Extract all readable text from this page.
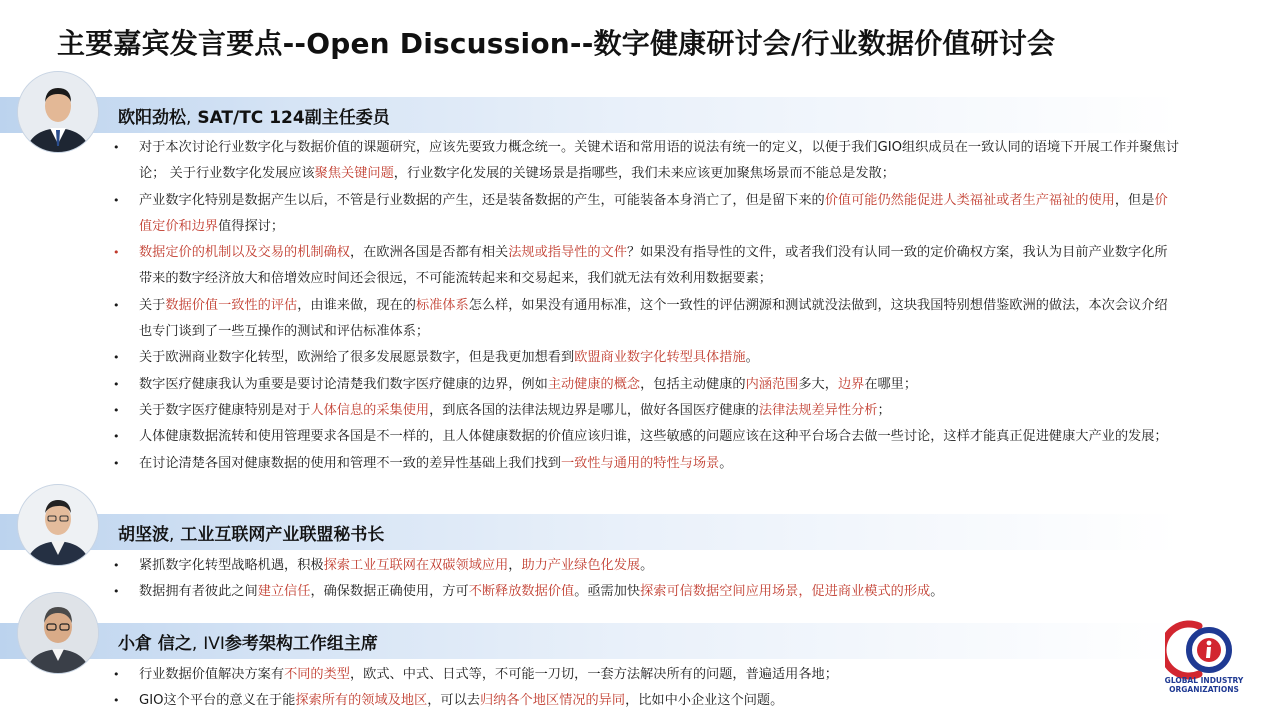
主要嘉宾发言要点--Open Discussion--数字健康研讨会/行业数据价值研讨会
欧阳劲松, SAT/TC 124副主任委员
• 对于本次讨论行业数字化与数据价值的课题研究，应该先要致力概念统一。关键术语和常用语的说法有统一的定义，以便于我们GIO组织成员在一致认同的语境下开展工作并聚焦讨论； 关于行业数字化发展应该聚焦关键问题，行业数字化发展的关键场景是指哪些，我们未来应该更加聚焦场景而不能总是发散；
• 产业数字化特别是数据产生以后，不管是行业数据的产生，还是装备数据的产生，可能装备本身消亡了，但是留下来的价值可能仍然能促进人类福祉或者生产福祉的使用，但是价值定价和边界值得探讨；
• 数据定价的机制以及交易的机制确权，在欧洲各国是否都有相关法规或指导性的文件？如果没有指导性的文件，或者我们没有认同一致的定价确权方案，我认为目前产业数字化所带来的数字经济放大和倍增效应时间还会很远，不可能流转起来和交易起来，我们就无法有效利用数据要素；
• 关于数据价值一致性的评估，由谁来做，现在的标准体系怎么样，如果没有通用标准，这个一致性的评估溯源和测试就没法做到，这块我国特别想借鉴欧洲的做法，本次会议介绍也专门谈到了一些互操作的测试和评估标准体系；
• 关于欧洲商业数字化转型，欧洲给了很多发展愿景数字，但是我更加想看到欧盟商业数字化转型具体措施。
• 数字医疗健康我认为重要是要讨论清楚我们数字医疗健康的边界，例如主动健康的概念，包括主动健康的内涵范围多大，边界在哪里；
• 关于数字医疗健康特别是对于人体信息的采集使用，到底各国的法律法规边界是哪儿，做好各国医疗健康的法律法规差异性分析；
• 人体健康数据流转和使用管理要求各国是不一样的，且人体健康数据的价值应该归谁，这些敏感的问题应该在这种平台场合去做一些讨论，这样才能真正促进健康大产业的发展；
• 在讨论清楚各国对健康数据的使用和管理不一致的差异性基础上我们找到一致性与通用的特性与场景。
胡坚波, 工业互联网产业联盟秘书长
• 紧抓数字化转型战略机遇，积极探索工业互联网在双碳领域应用，助力产业绿色化发展。
• 数据拥有者彼此之间建立信任，确保数据正确使用，方可不断释放数据价值。亟需加快探索可信数据空间应用场景，促进商业模式的形成。
小倉 信之, IVI参考架构工作组主席
• 行业数据价值解决方案有不同的类型，欧式、中式、日式等，不可能一刀切，一套方法解决所有的问题，普遍适用各地；
• GIO这个平台的意义在于能探索所有的领域及地区，可以去归纳各个地区情况的异同，比如中小企业这个问题。
GLOBAL INDUSTRY
ORGANIZATIONS
